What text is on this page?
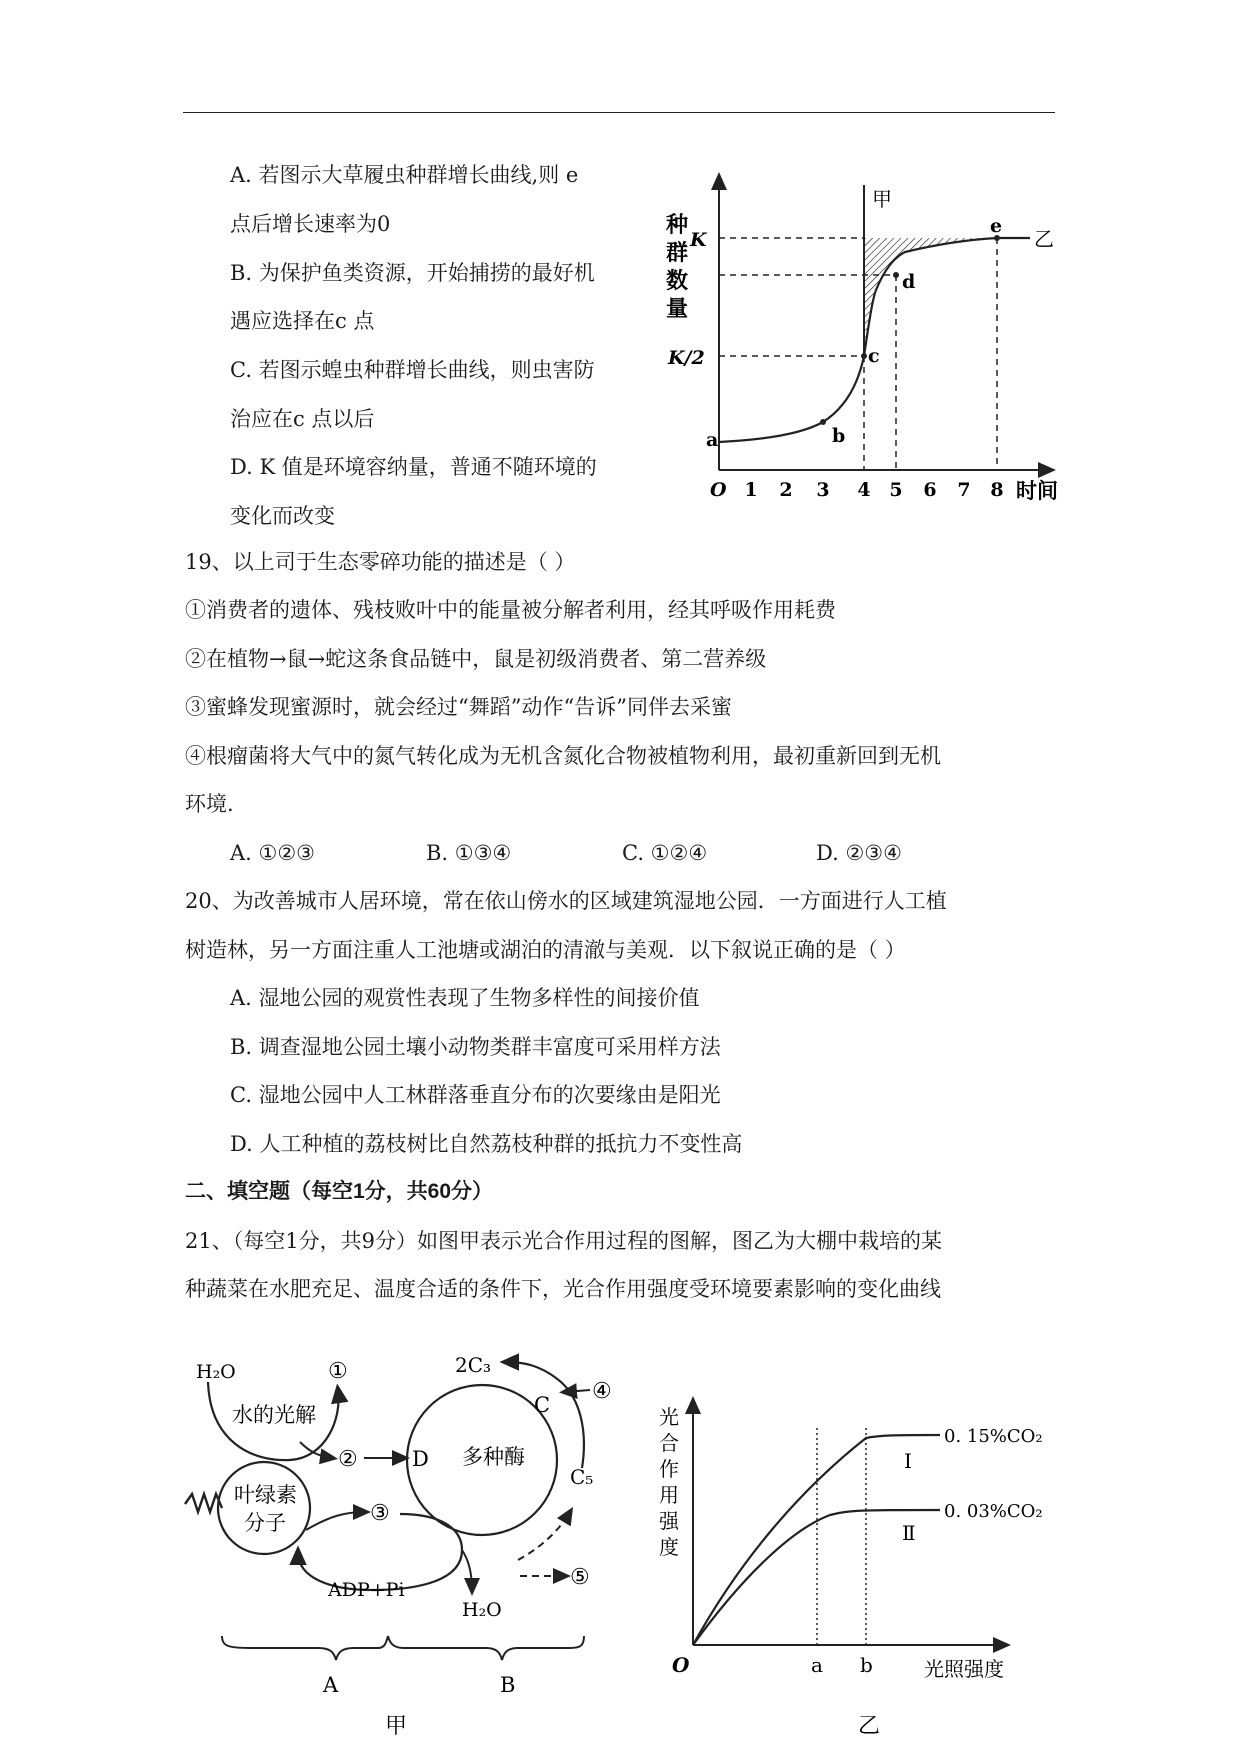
A. 若图示大草履虫种群增长曲线,则 e
点后增长速率为0
B. 为保护鱼类资源，开始捕捞的最好机
遇应选择在c 点
C. 若图示蝗虫种群增长曲线，则虫害防
治应在c 点以后
D. K 值是环境容纳量，普通不随环境的
变化而改变
种
群
数
量
K
K/2
甲
乙
a	b
c
d
e
O 1 2 3 4 5 6 7 8 时间
19、以上司于生态零碎功能的描述是（ ）
①消费者的遗体、残枝败叶中的能量被分解者利用，经其呼吸作用耗费
②在植物→鼠→蛇这条食品链中，鼠是初级消费者、第二营养级
③蜜蜂发现蜜源时，就会经过“舞蹈”动作“告诉”同伴去采蜜
④根瘤菌将大气中的氮气转化成为无机含氮化合物被植物利用，最初重新回到无机
环境.
A. ①②③	B. ①③④	C. ①②④	D. ②③④
20、为改善城市人居环境，常在依山傍水的区域建筑湿地公园．一方面进行人工植
树造林，另一方面注重人工池塘或湖泊的清澈与美观．以下叙说正确的是（ ）
A. 湿地公园的观赏性表现了生物多样性的间接价值
B. 调查湿地公园土壤小动物类群丰富度可采用样方法
C. 湿地公园中人工林群落垂直分布的次要缘由是阳光
D. 人工种植的荔枝树比自然荔枝种群的抵抗力不变性高
二、填空题（每空1分，共60分）
21、（每空1分，共9分）如图甲表示光合作用过程的图解，图乙为大棚中栽培的某
种蔬菜在水肥充足、温度合适的条件下，光合作用强度受环境要素影响的变化曲线
H₂O	①
水的光解
叶绿素
分子
②	D 多种酶
2C₃
C
C₅
④
③
ADP+Pi
H₂O
⑤
A	B
甲
光
合
作
用
强
度
0. 15%CO₂
0. 03%CO₂
Ⅰ
Ⅱ
O	a b	光照强度
乙
